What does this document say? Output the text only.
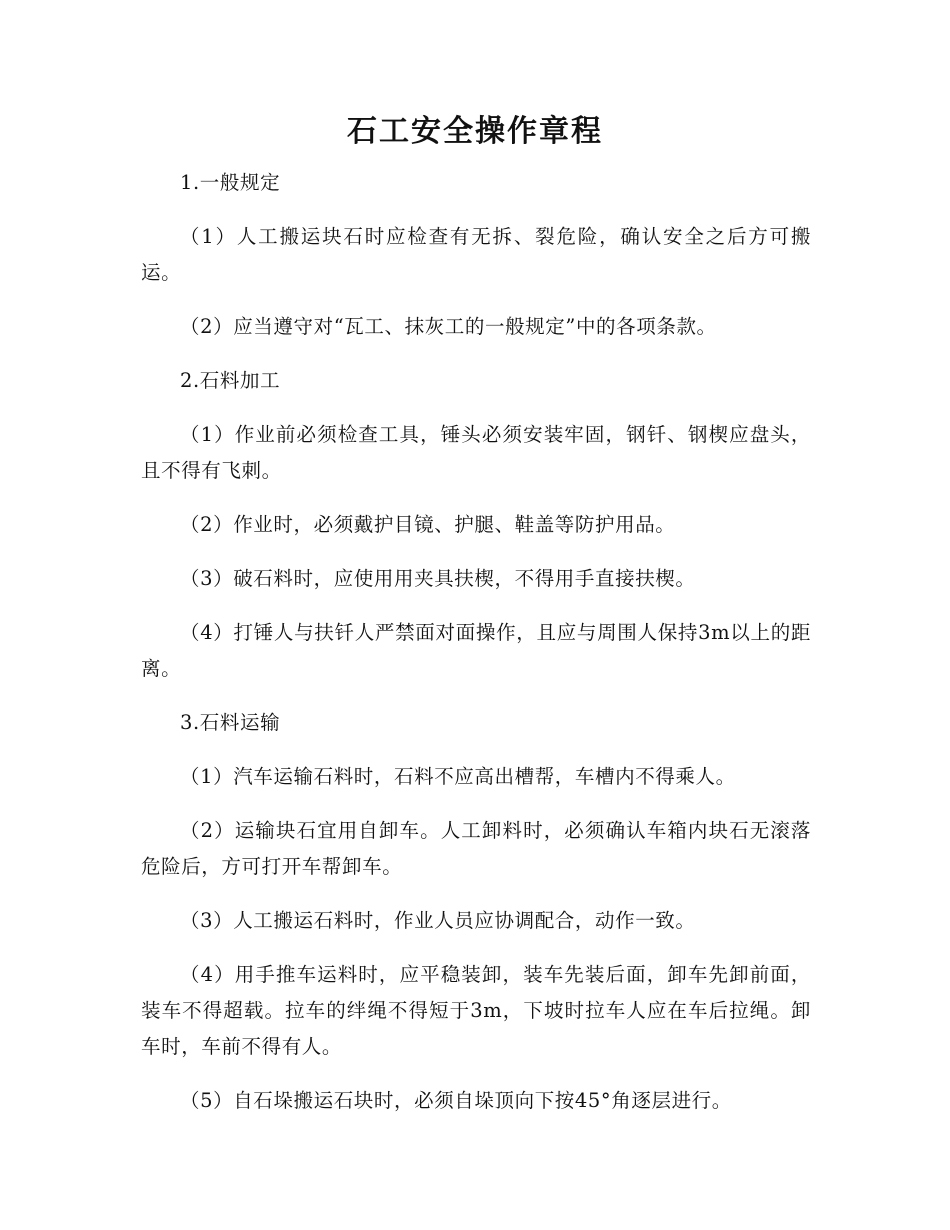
石工安全操作章程

1.一般规定

（1）人工搬运块石时应检查有无拆、裂危险，确认安全之后方可搬运。

（2）应当遵守对“瓦工、抹灰工的一般规定”中的各项条款。

2.石料加工

（1）作业前必须检查工具，锤头必须安装牢固，钢钎、钢楔应盘头，且不得有飞刺。

（2）作业时，必须戴护目镜、护腿、鞋盖等防护用品。

（3）破石料时，应使用用夹具扶楔，不得用手直接扶楔。

（4）打锤人与扶钎人严禁面对面操作，且应与周围人保持3m以上的距离。

3.石料运输

（1）汽车运输石料时，石料不应高出槽帮，车槽内不得乘人。

（2）运输块石宜用自卸车。人工卸料时，必须确认车箱内块石无滚落危险后，方可打开车帮卸车。

（3）人工搬运石料时，作业人员应协调配合，动作一致。

（4）用手推车运料时，应平稳装卸，装车先装后面，卸车先卸前面，装车不得超载。拉车的绊绳不得短于3m，下坡时拉车人应在车后拉绳。卸车时，车前不得有人。

（5）自石垛搬运石块时，必须自垛顶向下按45°角逐层进行。
